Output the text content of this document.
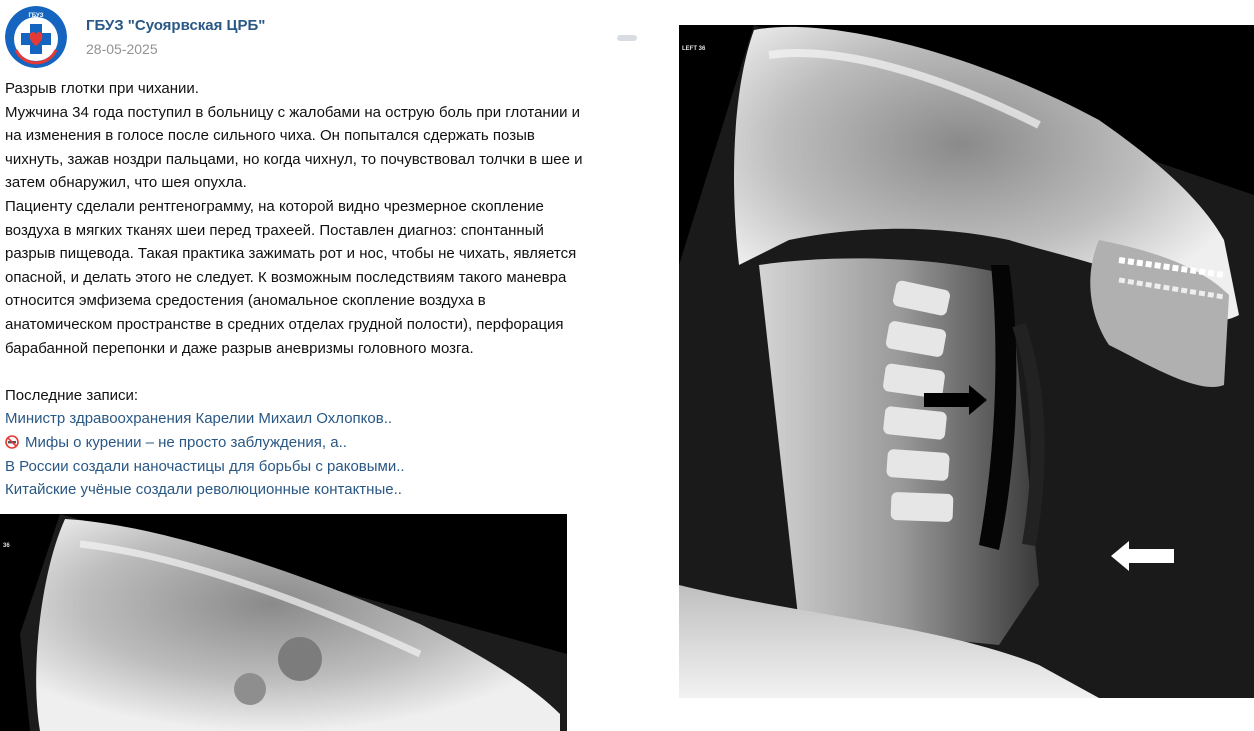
ГБУЗ
ГБУЗ "Суоярвская ЦРБ"
28-05-2025
Разрыв глотки при чихании.
Мужчина 34 года поступил в больницу с жалобами на острую боль при глотании и
на изменения в голосе после сильного чиха. Он попытался сдержать позыв
чихнуть, зажав ноздри пальцами, но когда чихнул, то почувствовал толчки в шее и
затем обнаружил, что шея опухла.
Пациенту сделали рентгенограмму, на которой видно чрезмерное скопление
воздуха в мягких тканях шеи перед трахеей. Поставлен диагноз: спонтанный
разрыв пищевода. Такая практика зажимать рот и нос, чтобы не чихать, является
опасной, и делать этого не следует. К возможным последствиям такого маневра
относится эмфизема средостения (аномальное скопление воздуха в
анатомическом пространстве в средних отделах грудной полости), перфорация
барабанной перепонки и даже разрыв аневризмы головного мозга.
Последние записи:
Министр здравоохранения Карелии Михаил Охлопков..
Мифы о курении – не просто заблуждения, а..
В России создали наночастицы для борьбы с раковыми..
Китайские учёные создали революционные контактные..
LEFT 36
36
